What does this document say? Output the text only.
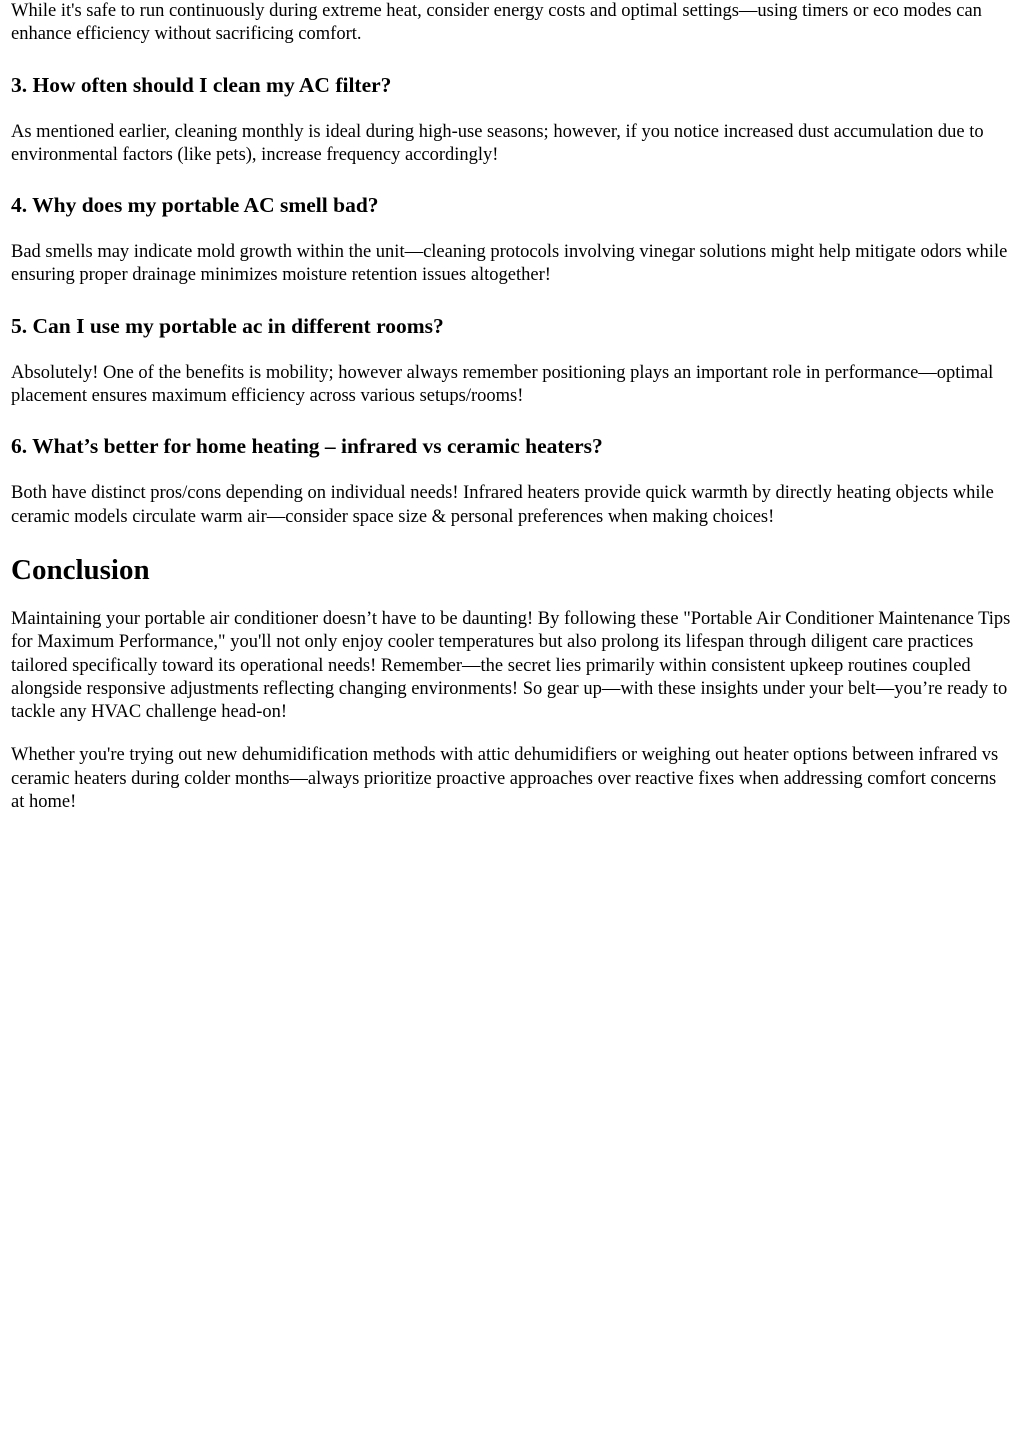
While it's safe to run continuously during extreme heat, consider energy costs and optimal settings—using timers or eco modes can enhance efficiency without sacrificing comfort.

3. How often should I clean my AC filter?

As mentioned earlier, cleaning monthly is ideal during high-use seasons; however, if you notice increased dust accumulation due to environmental factors (like pets), increase frequency accordingly!

4. Why does my portable AC smell bad?

Bad smells may indicate mold growth within the unit—cleaning protocols involving vinegar solutions might help mitigate odors while ensuring proper drainage minimizes moisture retention issues altogether!

5. Can I use my portable ac in different rooms?

Absolutely! One of the benefits is mobility; however always remember positioning plays an important role in performance—optimal placement ensures maximum efficiency across various setups/rooms!

6. What’s better for home heating – infrared vs ceramic heaters?

Both have distinct pros/cons depending on individual needs! Infrared heaters provide quick warmth by directly heating objects while ceramic models circulate warm air—consider space size & personal preferences when making choices!

Conclusion

Maintaining your portable air conditioner doesn’t have to be daunting! By following these "Portable Air Conditioner Maintenance Tips for Maximum Performance," you'll not only enjoy cooler temperatures but also prolong its lifespan through diligent care practices tailored specifically toward its operational needs! Remember—the secret lies primarily within consistent upkeep routines coupled alongside responsive adjustments reflecting changing environments! So gear up—with these insights under your belt—you’re ready to tackle any HVAC challenge head-on!

Whether you're trying out new dehumidification methods with attic dehumidifiers or weighing out heater options between infrared vs ceramic heaters during colder months—always prioritize proactive approaches over reactive fixes when addressing comfort concerns at home!
